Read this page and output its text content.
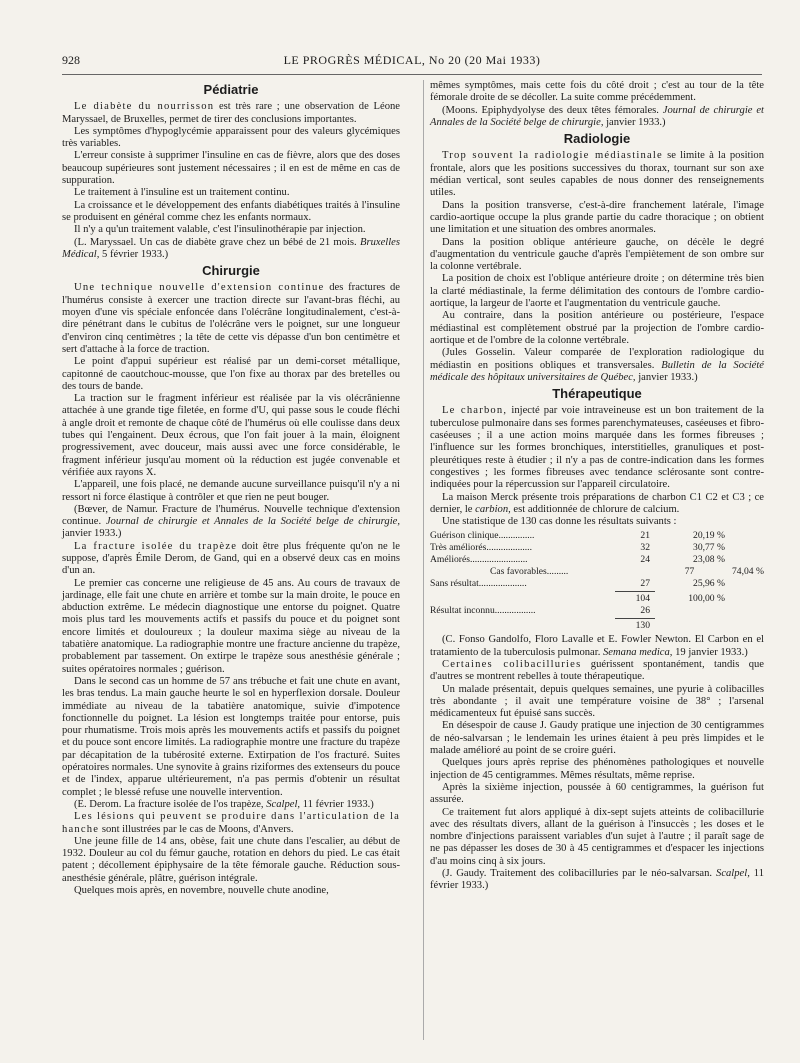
928	LE PROGRÈS MÉDICAL, No 20 (20 Mai 1933)
Pédiatrie

Le diabète du nourrisson est très rare ; une observation de Léone Maryssael, de Bruxelles, permet de tirer des conclusions importantes.

Les symptômes d'hypoglycémie apparaissent pour des valeurs glycémiques très variables.

L'erreur consiste à supprimer l'insuline en cas de fièvre, alors que des doses beaucoup supérieures sont justement nécessaires ; il en est de même en cas de suppuration.

Le traitement à l'insuline est un traitement continu.

La croissance et le développement des enfants diabétiques traités à l'insuline se produisent en général comme chez les enfants normaux.

Il n'y a qu'un traitement valable, c'est l'insulinothérapie par injection.

(L. Maryssael. Un cas de diabète grave chez un bébé de 21 mois. Bruxelles Médical, 5 février 1933.)

Chirurgie

Une technique nouvelle d'extension continue des fractures de l'humérus consiste à exercer une traction directe sur l'avant-bras fléchi, au moyen d'une vis spéciale enfoncée dans l'olécrâne longitudinalement, c'est-à-dire pénétrant dans le cubitus de l'olécrâne vers le poignet, sur une longueur d'environ cinq centimètres ; la tête de cette vis dépasse d'un bon centimètre et sert d'attache à la force de traction.

Le point d'appui supérieur est réalisé par un demi-corset métallique, capitonné de caoutchouc-mousse, que l'on fixe au thorax par des bretelles ou des tours de bande.

La traction sur le fragment inférieur est réalisée par la vis olécrânienne attachée à une grande tige filetée, en forme d'U, qui passe sous le coude fléchi à angle droit et remonte de chaque côté de l'humérus où elle coulisse dans deux tubes qui l'engainent. Deux écrous, que l'on fait jouer à la main, éloignent progressivement, avec douceur, mais aussi avec une force considérable, le fragment inférieur jusqu'au moment où la réduction est jugée convenable et vérifiée aux rayons X.

L'appareil, une fois placé, ne demande aucune surveillance puisqu'il n'y a ni ressort ni force élastique à contrôler et que rien ne peut bouger.

(Bœver, de Namur. Fracture de l'humérus. Nouvelle technique d'extension continue. Journal de chirurgie et Annales de la Société belge de chirurgie, janvier 1933.)

La fracture isolée du trapèze doit être plus fréquente qu'on ne le suppose, d'après Émile Derom, de Gand, qui en a observé deux cas en moins d'un an.

Le premier cas concerne une religieuse de 45 ans. Au cours de travaux de jardinage, elle fait une chute en arrière et tombe sur la main droite, le pouce en abduction extrême. Le médecin diagnostique une entorse du poignet. Quatre mois plus tard les mouvements actifs et passifs du pouce et du poignet sont encore limités et douloureux ; la douleur maxima siège au niveau de la tabatière anatomique. La radiographie montre une fracture ancienne du trapèze, probablement par tassement. On extirpe le trapèze sous anesthésie générale ; suites opératoires normales ; guérison.

Dans le second cas un homme de 57 ans trébuche et fait une chute en avant, les bras tendus. La main gauche heurte le sol en hyperflexion dorsale. Douleur immédiate au niveau de la tabatière anatomique, suivie d'impotence fonctionnelle du poignet. La lésion est longtemps traitée pour entorse, puis pour rhumatisme. Trois mois après les mouvements actifs et passifs du poignet et du pouce sont encore limités. La radiographie montre une fracture du trapèze par décapitation de la tubérosité externe. Extirpation de l'os fracturé. Suites opératoires normales. Une synovite à grains riziformes des extenseurs du pouce et de l'index, apparue ultérieurement, n'a pas permis d'obtenir un résultat complet ; le blessé refuse une nouvelle intervention.

(E. Derom. La fracture isolée de l'os trapèze, Scalpel, 11 février 1933.)

Les lésions qui peuvent se produire dans l'articulation de la hanche sont illustrées par le cas de Moons, d'Anvers.

Une jeune fille de 14 ans, obèse, fait une chute dans l'escalier, au début de 1932. Douleur au col du fémur gauche, rotation en dehors du pied. Le cas était patent ; décollement épiphysaire de la tête fémorale gauche. Réduction sous-anesthésie générale, plâtre, guérison intégrale.

Quelques mois après, en novembre, nouvelle chute anodine,

mêmes symptômes, mais cette fois du côté droit ; c'est au tour de la tête fémorale droite de se décoller. La suite comme précédemment.

(Moons. Epiphydyolyse des deux têtes fémorales. Journal de chirurgie et Annales de la Société belge de chirurgie, janvier 1933.)

Radiologie

Trop souvent la radiologie médiastinale se limite à la position frontale, alors que les positions successives du thorax, tournant sur son axe médian vertical, sont seules capables de nous donner des renseignements utiles.

Dans la position transverse, c'est-à-dire franchement latérale, l'image cardio-aortique occupe la plus grande partie du cadre thoracique ; on obtient une limitation et une situation des ombres anormales.

Dans la position oblique antérieure gauche, on décèle le degré d'augmentation du ventricule gauche d'après l'empiètement de son ombre sur la colonne vertébrale.

La position de choix est l'oblique antérieure droite ; on détermine très bien la clarté médiastinale, la ferme délimitation des contours de l'ombre cardio-aortique, la largeur de l'aorte et l'augmentation du ventricule gauche.

Au contraire, dans la position antérieure ou postérieure, l'espace médiastinal est complètement obstrué par la projection de l'ombre cardio-aortique et de l'ombre de la colonne vertébrale.

(Jules Gosselin. Valeur comparée de l'exploration radiologique du médiastin en positions obliques et transversales. Bulletin de la Société médicale des hôpitaux universitaires de Québec, janvier 1933.)

Thérapeutique

Le charbon, injecté par voie intraveineuse est un bon traitement de la tuberculose pulmonaire dans ses formes parenchymateuses, caséeuses et fibro-caséeuses ; il a une action moins marquée dans les formes fibreuses ; l'influence sur les formes bronchiques, interstitielles, granuliques et post-pleurétiques reste à étudier ; il n'y a pas de contre-indication dans les formes congestives ; les formes fibreuses avec tendance sclérosante sont contre-indiquées pour la répercussion sur l'appareil circulatoire.

La maison Merck présente trois préparations de charbon C1 C2 et C3 ; ce dernier, le carbion, est additionnée de chlorure de calcium.

Une statistique de 130 cas donne les résultats suivants :

Guérison clinique...............	21	20,19 %
Très améliorés...................	32	30,77 %
Améliorés........................	24	23,08 %
Cas favorables.........	77	74,04 %
Sans résultat....................	27	25,96 %
104	100,00 %
Résultat inconnu.................	26
130

(C. Fonso Gandolfo, Floro Lavalle et E. Fowler Newton. El Carbon en el tratamiento de la tuberculosis pulmonar. Semana medica, 19 janvier 1933.)

Certaines colibacilluries guérissent spontanément, tandis que d'autres se montrent rebelles à toute thérapeutique.

Un malade présentait, depuis quelques semaines, une pyurie à colibacilles très abondante ; il avait une température voisine de 38° ; l'arsenal médicamenteux fut épuisé sans succès.

En désespoir de cause J. Gaudy pratique une injection de 30 centigrammes de néo-salvarsan ; le lendemain les urines étaient à peu près limpides et le malade amélioré au point de se croire guéri.

Quelques jours après reprise des phénomènes pathologiques et nouvelle injection de 45 centigrammes. Mêmes résultats, même reprise.

Après la sixième injection, poussée à 60 centigrammes, la guérison fut assurée.

Ce traitement fut alors appliqué à dix-sept sujets atteints de colibacillurie avec des résultats divers, allant de la guérison à l'insuccès ; les doses et le nombre d'injections paraissent variables d'un sujet à l'autre ; il paraît sage de ne pas dépasser les doses de 30 à 45 centigrammes et d'espacer les injections d'au moins cinq à six jours.

(J. Gaudy. Traitement des colibacilluries par le néo-salvarsan. Scalpel, 11 février 1933.)
